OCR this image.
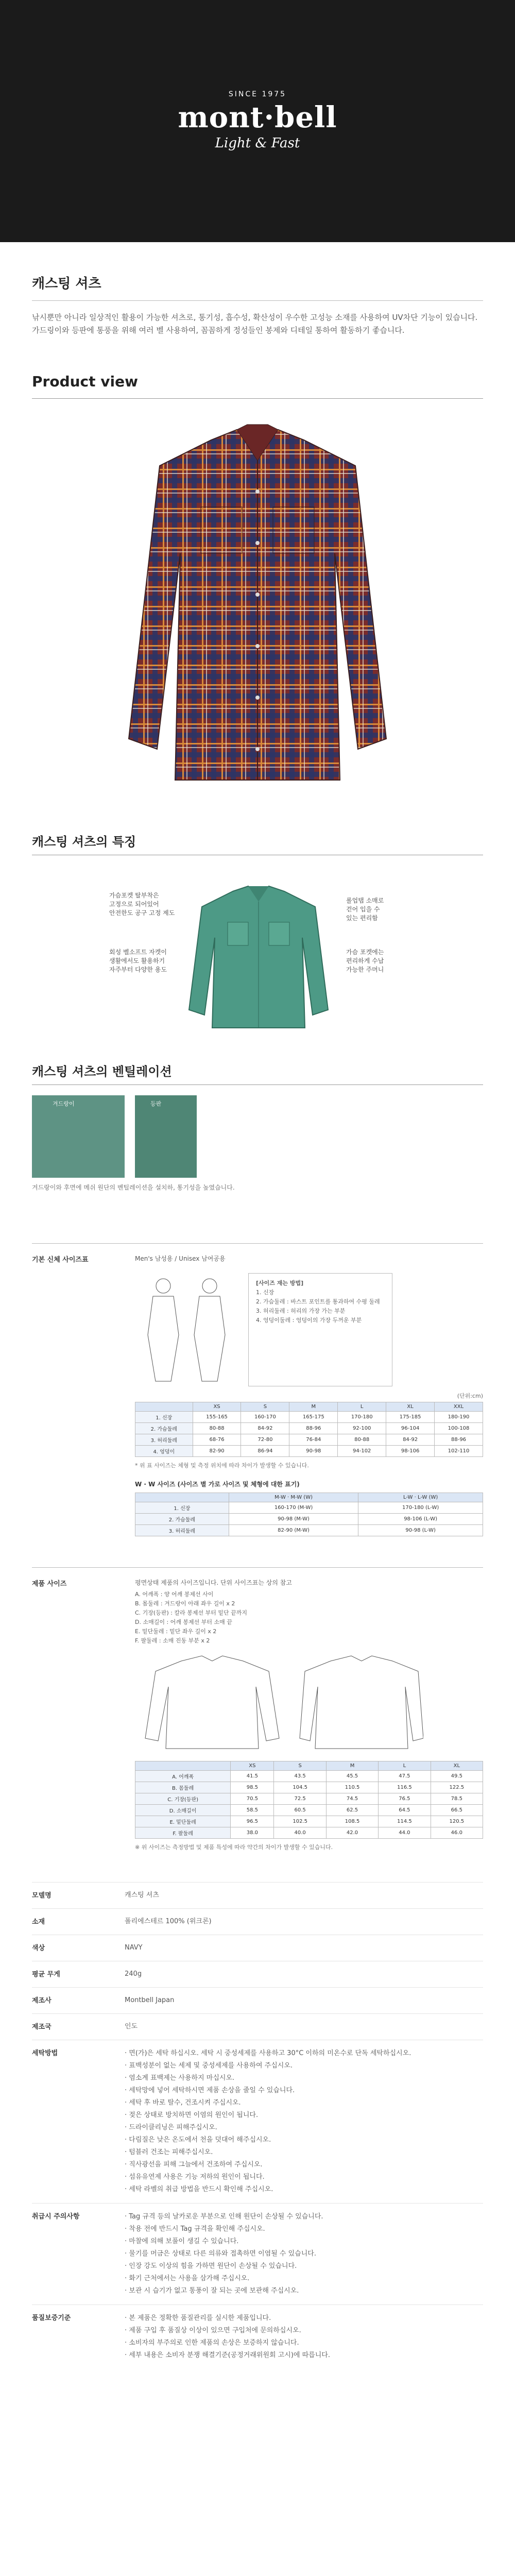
SINCE 1975
mont·bell
Light & Fast
캐스팅 셔츠
낚시뿐만 아니라 일상적인 활용이 가능한 셔츠로, 통기성, 흡수성, 확산성이 우수한 고성능 소재를 사용하여 UV차단 기능이 있습니다. 가드링이와 등판에 통풍을 위해 여러 벨 사용하여, 꼼꼼하게 정성들인 봉제와 디테일 통하여 활동하기 좋습니다.
Product view
캐스팅 셔츠의 특징
가슴포켓 탈부착은
고정으로 되어있어
안전한도 공구 고정 제도
회성 벨소프트 자켓이
생활에서도 활용하기
자주부터 다양한 용도
롤업탭 소매로
걷어 입을 수
있는 편리함
가슴 포켓에는
편리하게 수납
가능한 주머니
캐스팅 셔츠의 벤틸레이션
겨드랑이	등판
겨드랑이와 후면에 메쉬 원단의 벤틸레이션을 설치하, 통기성을 높였습니다.
기본 신체 사이즈표	Men's 남성용 / Unisex 남여공용
[사이즈 재는 방법]
1. 신장
2. 가슴둘레 : 바스트 포인트를 통과하여 수평 둘레
3. 허리둘레 : 허리의 가장 가는 부분
4. 엉덩이둘레 : 엉덩이의 가장 두꺼운 부분
(단위:cm)
	XS	S	M	L	XL	XXL
1. 신장	155-165	160-170	165-175	170-180	175-185	180-190
2. 가슴둘레	80-88	84-92	88-96	92-100	96-104	100-108
3. 허리둘레	68-76	72-80	76-84	80-88	84-92	88-96
4. 엉덩이	82-90	86-94	90-98	94-102	98-106	102-110
* 위 표 사이즈는 체형 및 측정 위치에 따라 차이가 발생할 수 있습니다.
W · W 사이즈 (사이즈 별 가로 사이즈 및 체형에 대한 표기)
	M-W · M-W (W)	L-W · L-W (W)
1. 신장	160-170 (M-W)	170-180 (L-W)
2. 가슴둘레	90-98 (M-W)	98-106 (L-W)
3. 허리둘레	82-90 (M-W)	90-98 (L-W)
제품 사이즈	평면상태 제품의 사이즈입니다. 단위 사이즈표는 상의 참고
A. 어깨폭 : 양 어깨 봉제선 사이
B. 몸둘레 : 겨드랑이 아래 좌우 길이 x 2
C. 기장(등판) : 칼라 봉제선 부터 밑단 끝까지
D. 소매길이 : 어깨 봉제선 부터 소매 끝
E. 밑단둘레 : 밑단 좌우 길이 x 2
F. 팔둘레 : 소매 진동 부분 x 2
	XS	S	M	L	XL
A. 어깨폭	41.5	43.5	45.5	47.5	49.5
B. 몸둘레	98.5	104.5	110.5	116.5	122.5
C. 기장(등판)	70.5	72.5	74.5	76.5	78.5
D. 소매길이	58.5	60.5	62.5	64.5	66.5
E. 밑단둘레	96.5	102.5	108.5	114.5	120.5
F. 팔둘레	38.0	40.0	42.0	44.0	46.0
※ 위 사이즈는 측정방법 및 제품 특성에 따라 약간의 차이가 발생할 수 있습니다.
모델명	캐스팅 셔츠
소재	폴리에스테르 100% (위크론)
색상	NAVY
평균 무게	240g
제조사	Montbell Japan
제조국	인도
세탁방법	· 면(가)은 세탁 하십시오. 세탁 시 중성세제를 사용하고 30°C 이하의 미온수로 단독 세탁하십시오.
· 표백성분이 없는 세제 및 중성세제를 사용하여 주십시오.
· 염소계 표백제는 사용하지 마십시오.
· 세탁망에 넣어 세탁하시면 제품 손상을 줄일 수 있습니다.
· 세탁 후 바로 탈수, 건조시켜 주십시오.
· 젖은 상태로 방치하면 이염의 원인이 됩니다.
· 드라이클리닝은 피해주십시오.
· 다림질은 낮은 온도에서 천을 덧대어 해주십시오.
· 텀블러 건조는 피해주십시오.
· 직사광선을 피해 그늘에서 건조하여 주십시오.
· 섬유유연제 사용은 기능 저하의 원인이 됩니다.
· 세탁 라벨의 취급 방법을 반드시 확인해 주십시오.
취급시 주의사항	· Tag 규격 등의 날카로운 부분으로 인해 원단이 손상될 수 있습니다.
· 착용 전에 반드시 Tag 규격을 확인해 주십시오.
· 마찰에 의해 보풀이 생길 수 있습니다.
· 물기를 머금은 상태로 다른 의류와 접촉하면 이염될 수 있습니다.
· 인장 강도 이상의 힘을 가하면 원단이 손상될 수 있습니다.
· 화기 근처에서는 사용을 삼가해 주십시오.
· 보관 시 습기가 없고 통풍이 잘 되는 곳에 보관해 주십시오.
품질보증기준	· 본 제품은 정확한 품질관리를 실시한 제품입니다.
· 제품 구입 후 품질상 이상이 있으면 구입처에 문의하십시오.
· 소비자의 부주의로 인한 제품의 손상은 보증하지 않습니다.
· 세부 내용은 소비자 분쟁 해결기준(공정거래위원회 고시)에 따릅니다.
